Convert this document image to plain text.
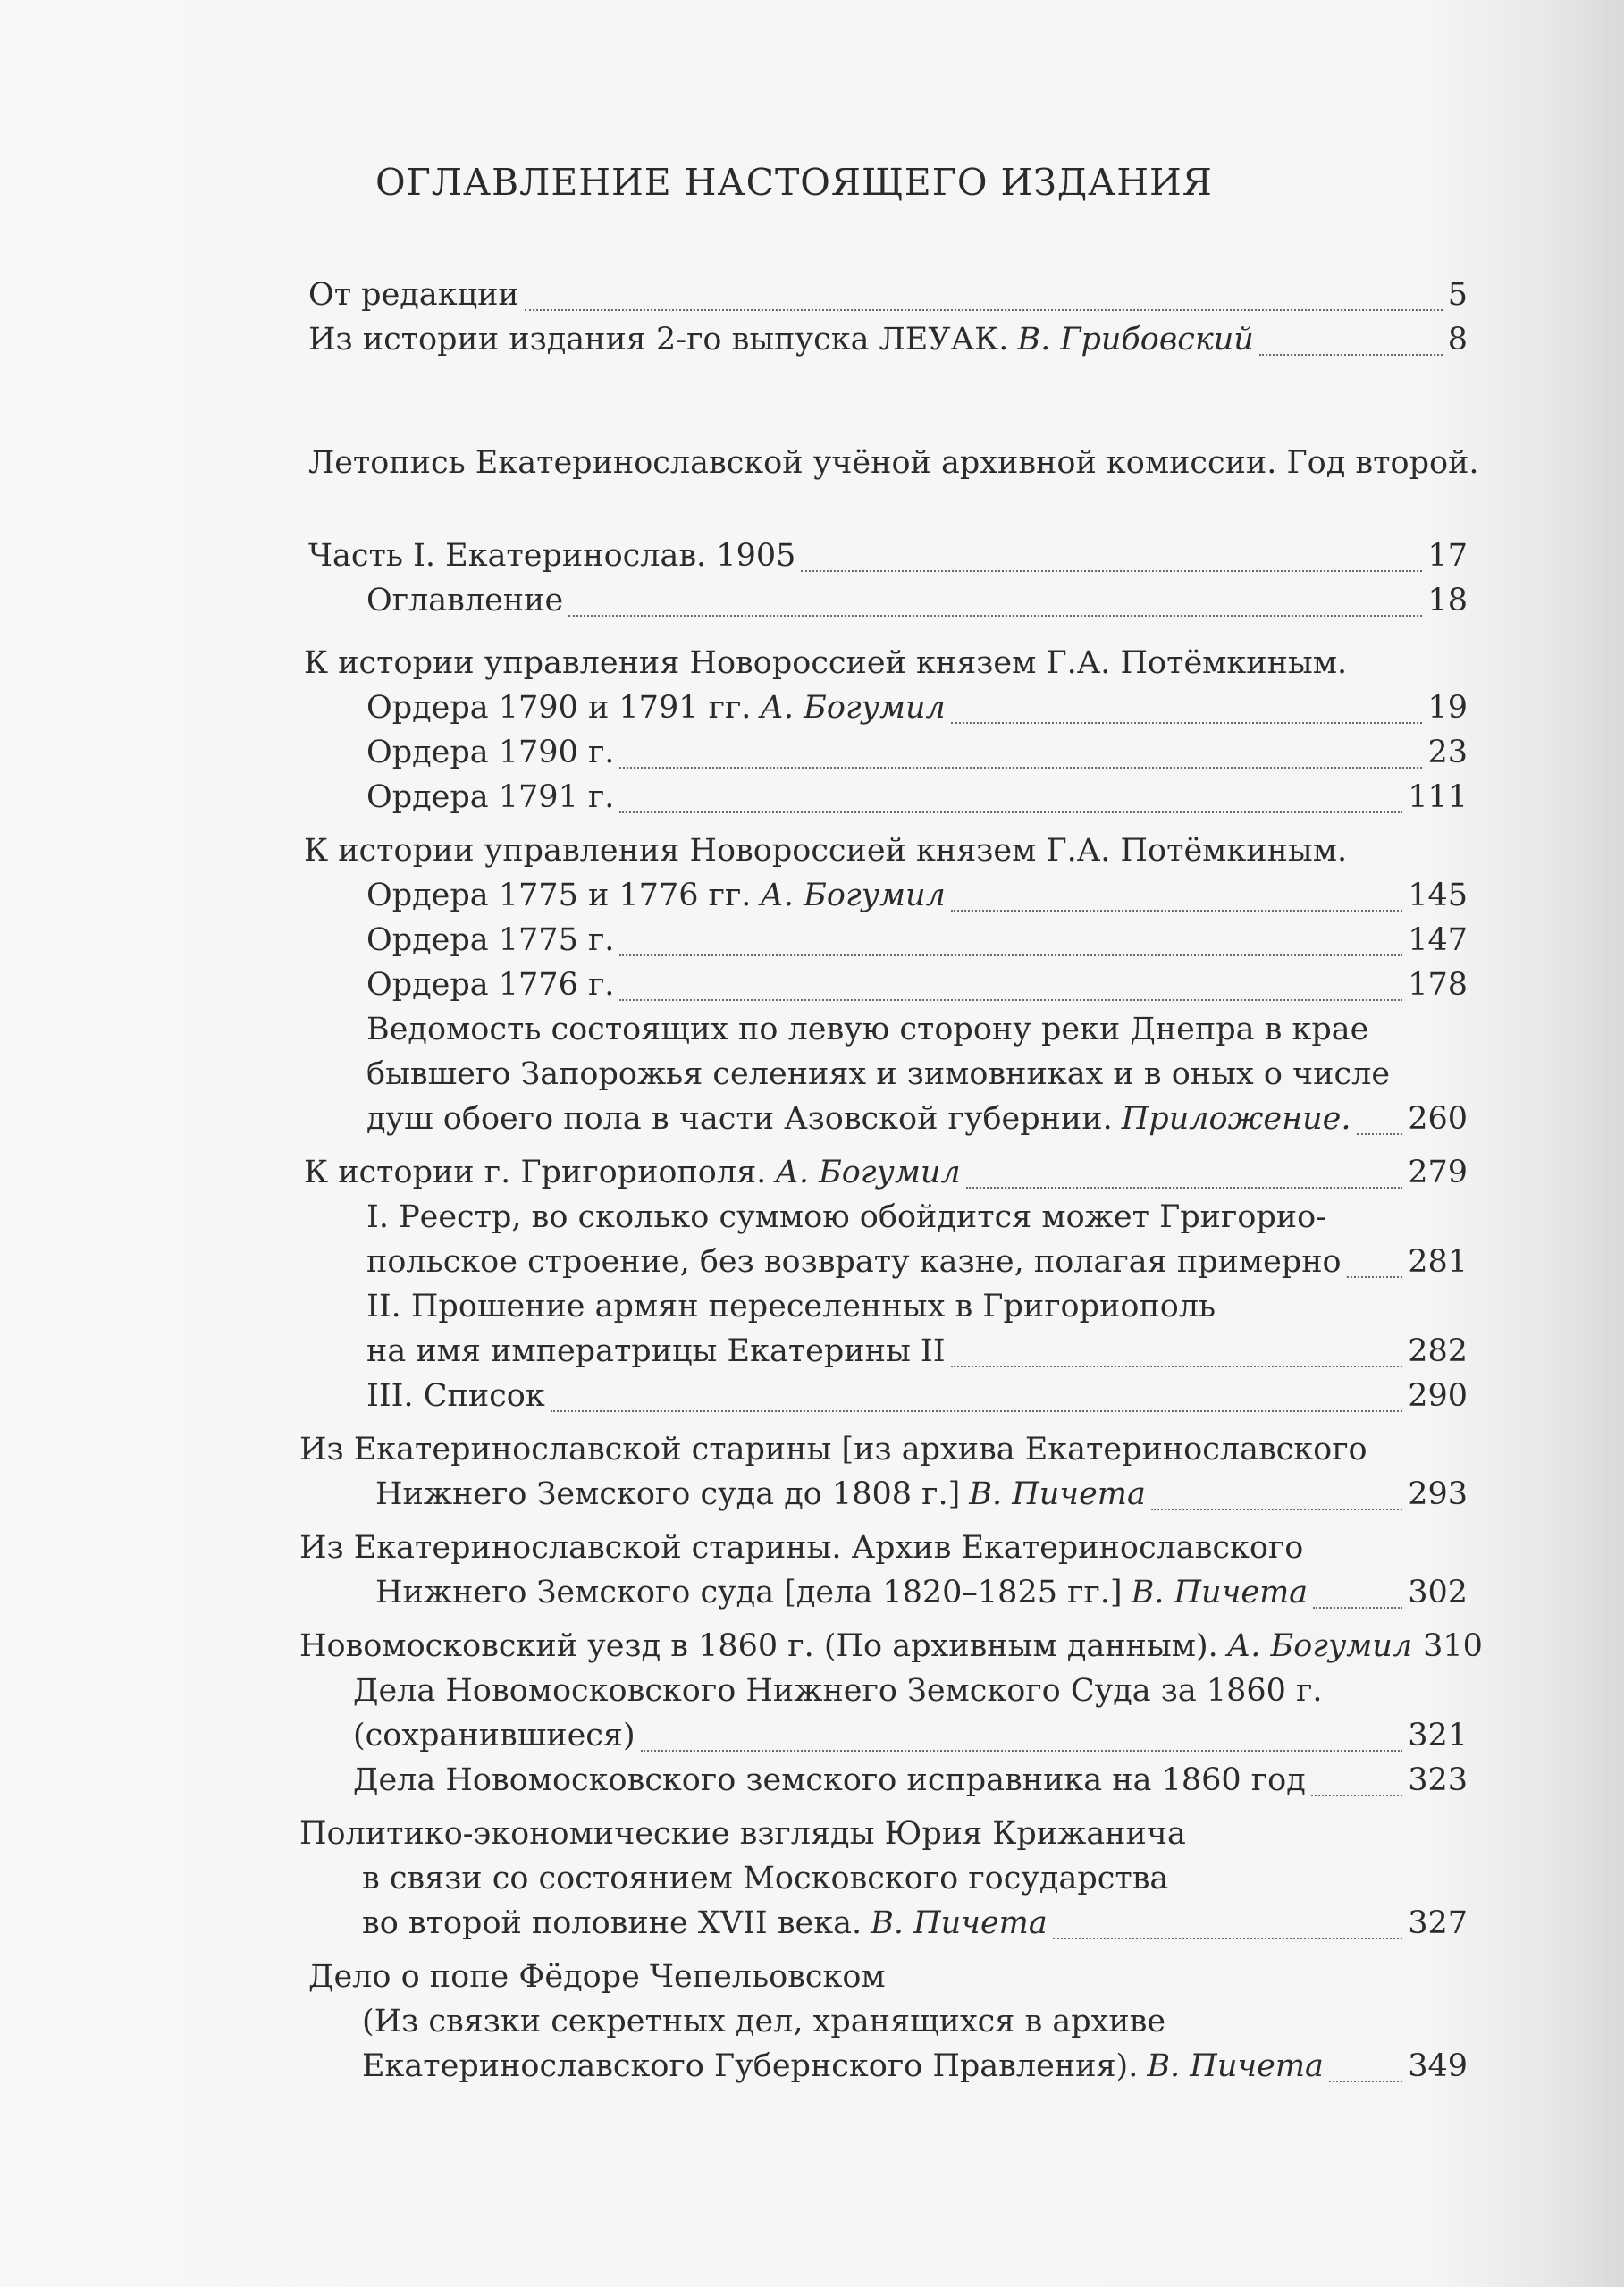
ОГЛАВЛЕНИЕ НАСТОЯЩЕГО ИЗДАНИЯ
Летопись Екатеринославской учёной архивной комиссии. Год второй.
От редакции	5
Из истории издания 2-го выпуска ЛЕУАК. В. Грибовский	8
Часть I. Екатеринослав. 1905	17
Оглавление	18
К истории управления Новороссией князем Г.А. Потёмкиным.
Ордера 1790 и 1791 гг. А. Богумил	19
Ордера 1790 г.	23
Ордера 1791 г.	111
К истории управления Новороссией князем Г.А. Потёмкиным.
Ордера 1775 и 1776 гг. А. Богумил	145
Ордера 1775 г.	147
Ордера 1776 г.	178
Ведомость состоящих по левую сторону реки Днепра в крае
бывшего Запорожья селениях и зимовниках и в оных о числе
душ обоего пола в части Азовской губернии. Приложение. 260
К истории г. Григориополя. А. Богумил	279
I. Реестр, во сколько суммою обойдится может Григорио-
польское строение, без возврату казне, полагая примерно 281
II. Прошение армян переселенных в Григориополь
на имя императрицы Екатерины II	282
III. Список	290
Из Екатеринославской старины [из архива Екатеринославского
Нижнего Земского суда до 1808 г.] В. Пичета	293
Из Екатеринославской старины. Архив Екатеринославского
Нижнего Земского суда [дела 1820–1825 гг.] В. Пичета	302
Новомосковский уезд в 1860 г. (По архивным данным). А. Богумил 310
Дела Новомосковского Нижнего Земского Суда за 1860 г.
(сохранившиеся)	321
Дела Новомосковского земского исправника на 1860 год	323
Политико-экономические взгляды Юрия Крижанича
в связи со состоянием Московского государства
во второй половине XVII века. В. Пичета	327
Дело о попе Фёдоре Чепельовском
(Из связки секретных дел, хранящихся в архиве
Екатеринославского Губернского Правления). В. Пичета	349
